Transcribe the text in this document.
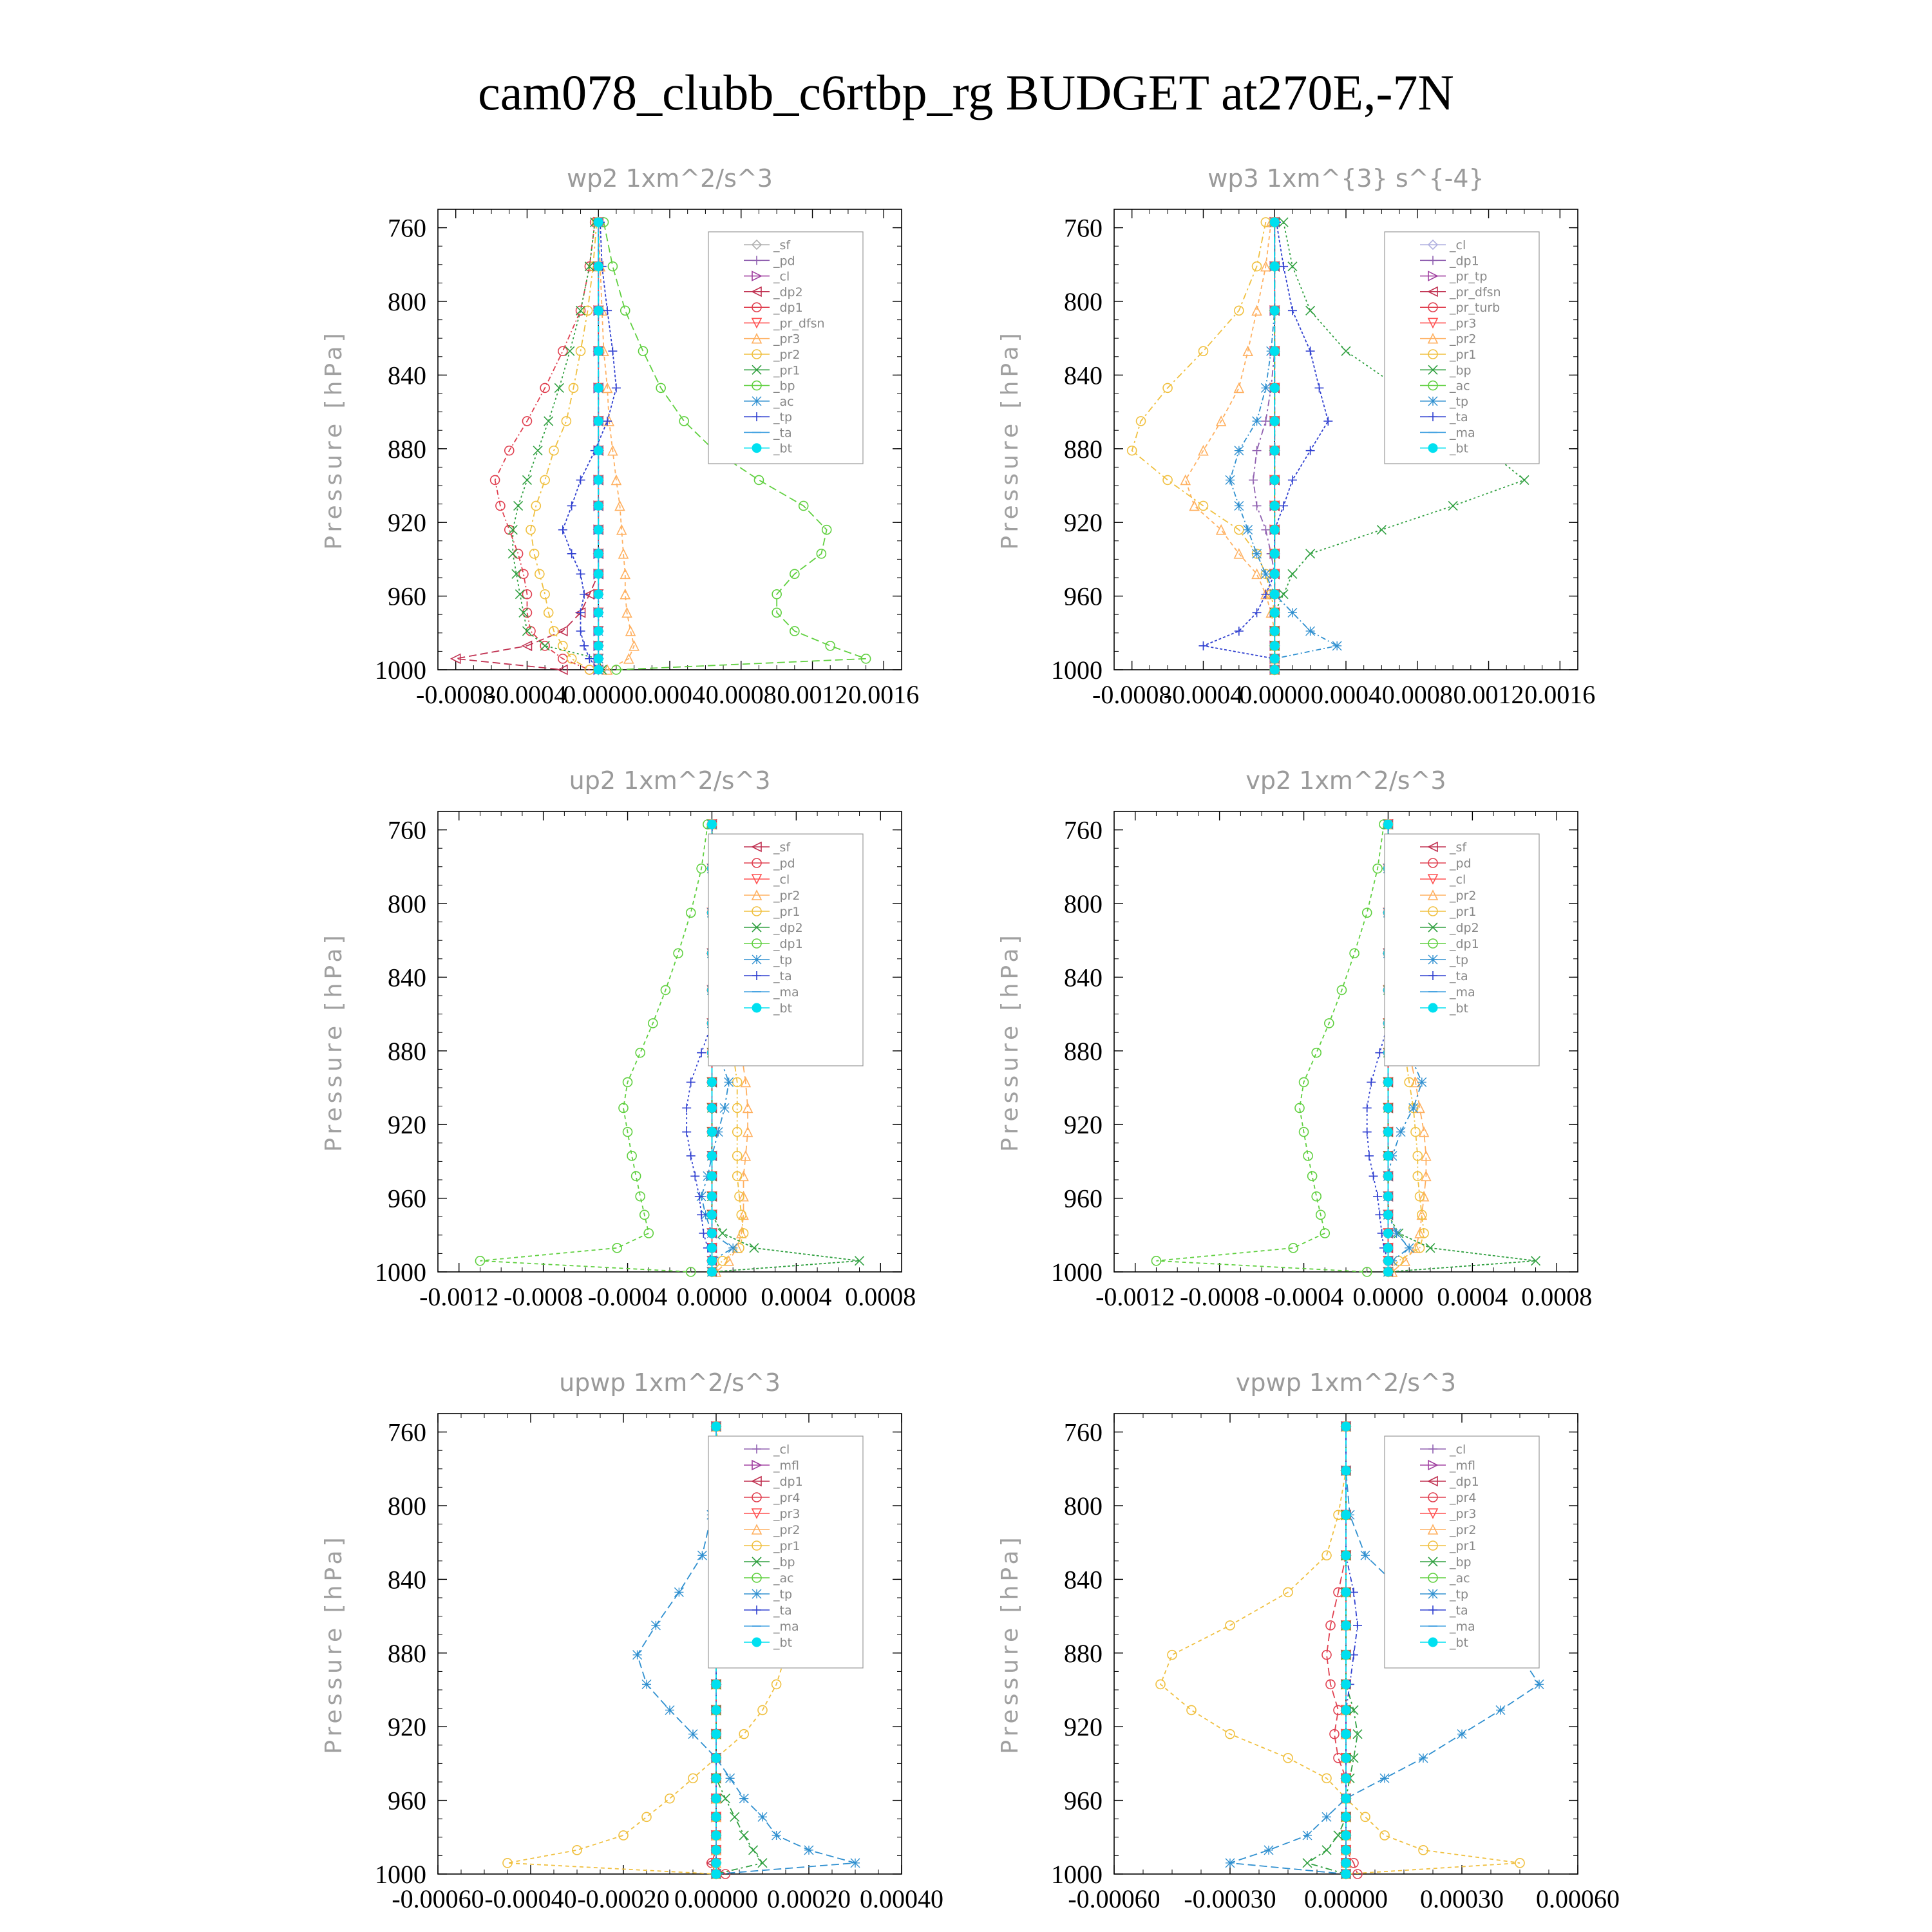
cam078_clubb_c6rtbp_rg BUDGET at270E,-7N
wp2 1xm^2/s^3
Pressure [hPa]
760
800
840
880
920
960
1000
-0.0008
-0.0004
0.0000 0.0004 0.0008 0.0012 0.0016
_sf
_pd
_cl
_dp2
_dp1
_pr_dfsn
_pr3
_pr2
_pr1
_bp
_ac
_tp
_ta
_bt
wp3 1xm^{3} s^{-4}
Pressure [hPa]
760
800
840
880
920
960
1000
-0.0008
-0.0004
0.0000 0.0004 0.0008 0.0012 0.0016
_cl
_dp1
_pr_tp
_pr_dfsn
_pr_turb
_pr3
_pr2
_pr1
_bp
_ac
_tp
_ta
_ma
_bt
up2 1xm^2/s^3
Pressure [hPa]
760
800
840
880
920
960
1000
-0.0012 -0.0008 -0.0004 0.0000 0.0004 0.0008
_sf
_pd
_cl
_pr2
_pr1
_dp2
_dp1
_tp
_ta
_ma
_bt
vp2 1xm^2/s^3
Pressure [hPa]
760
800
840
880
920
960
1000
-0.0012 -0.0008 -0.0004 0.0000 0.0004 0.0008
_sf
_pd
_cl
_pr2
_pr1
_dp2
_dp1
_tp
_ta
_ma
_bt
upwp 1xm^2/s^3
Pressure [hPa]
760
800
840
880
920
960
1000
-0.00060 -0.00040 -0.00020 0.00000 0.00020 0.00040
_cl
_mfl
_dp1
_pr4
_pr3
_pr2
_pr1
_bp
_ac
_tp
_ta
_ma
_bt
vpwp 1xm^2/s^3
Pressure [hPa]
760
800
840
880
920
960
1000
-0.00060 -0.00030 0.00000 0.00030 0.00060
_cl
_mfl
_dp1
_pr4
_pr3
_pr2
_pr1
_bp
_ac
_tp
_ta
_ma
_bt
